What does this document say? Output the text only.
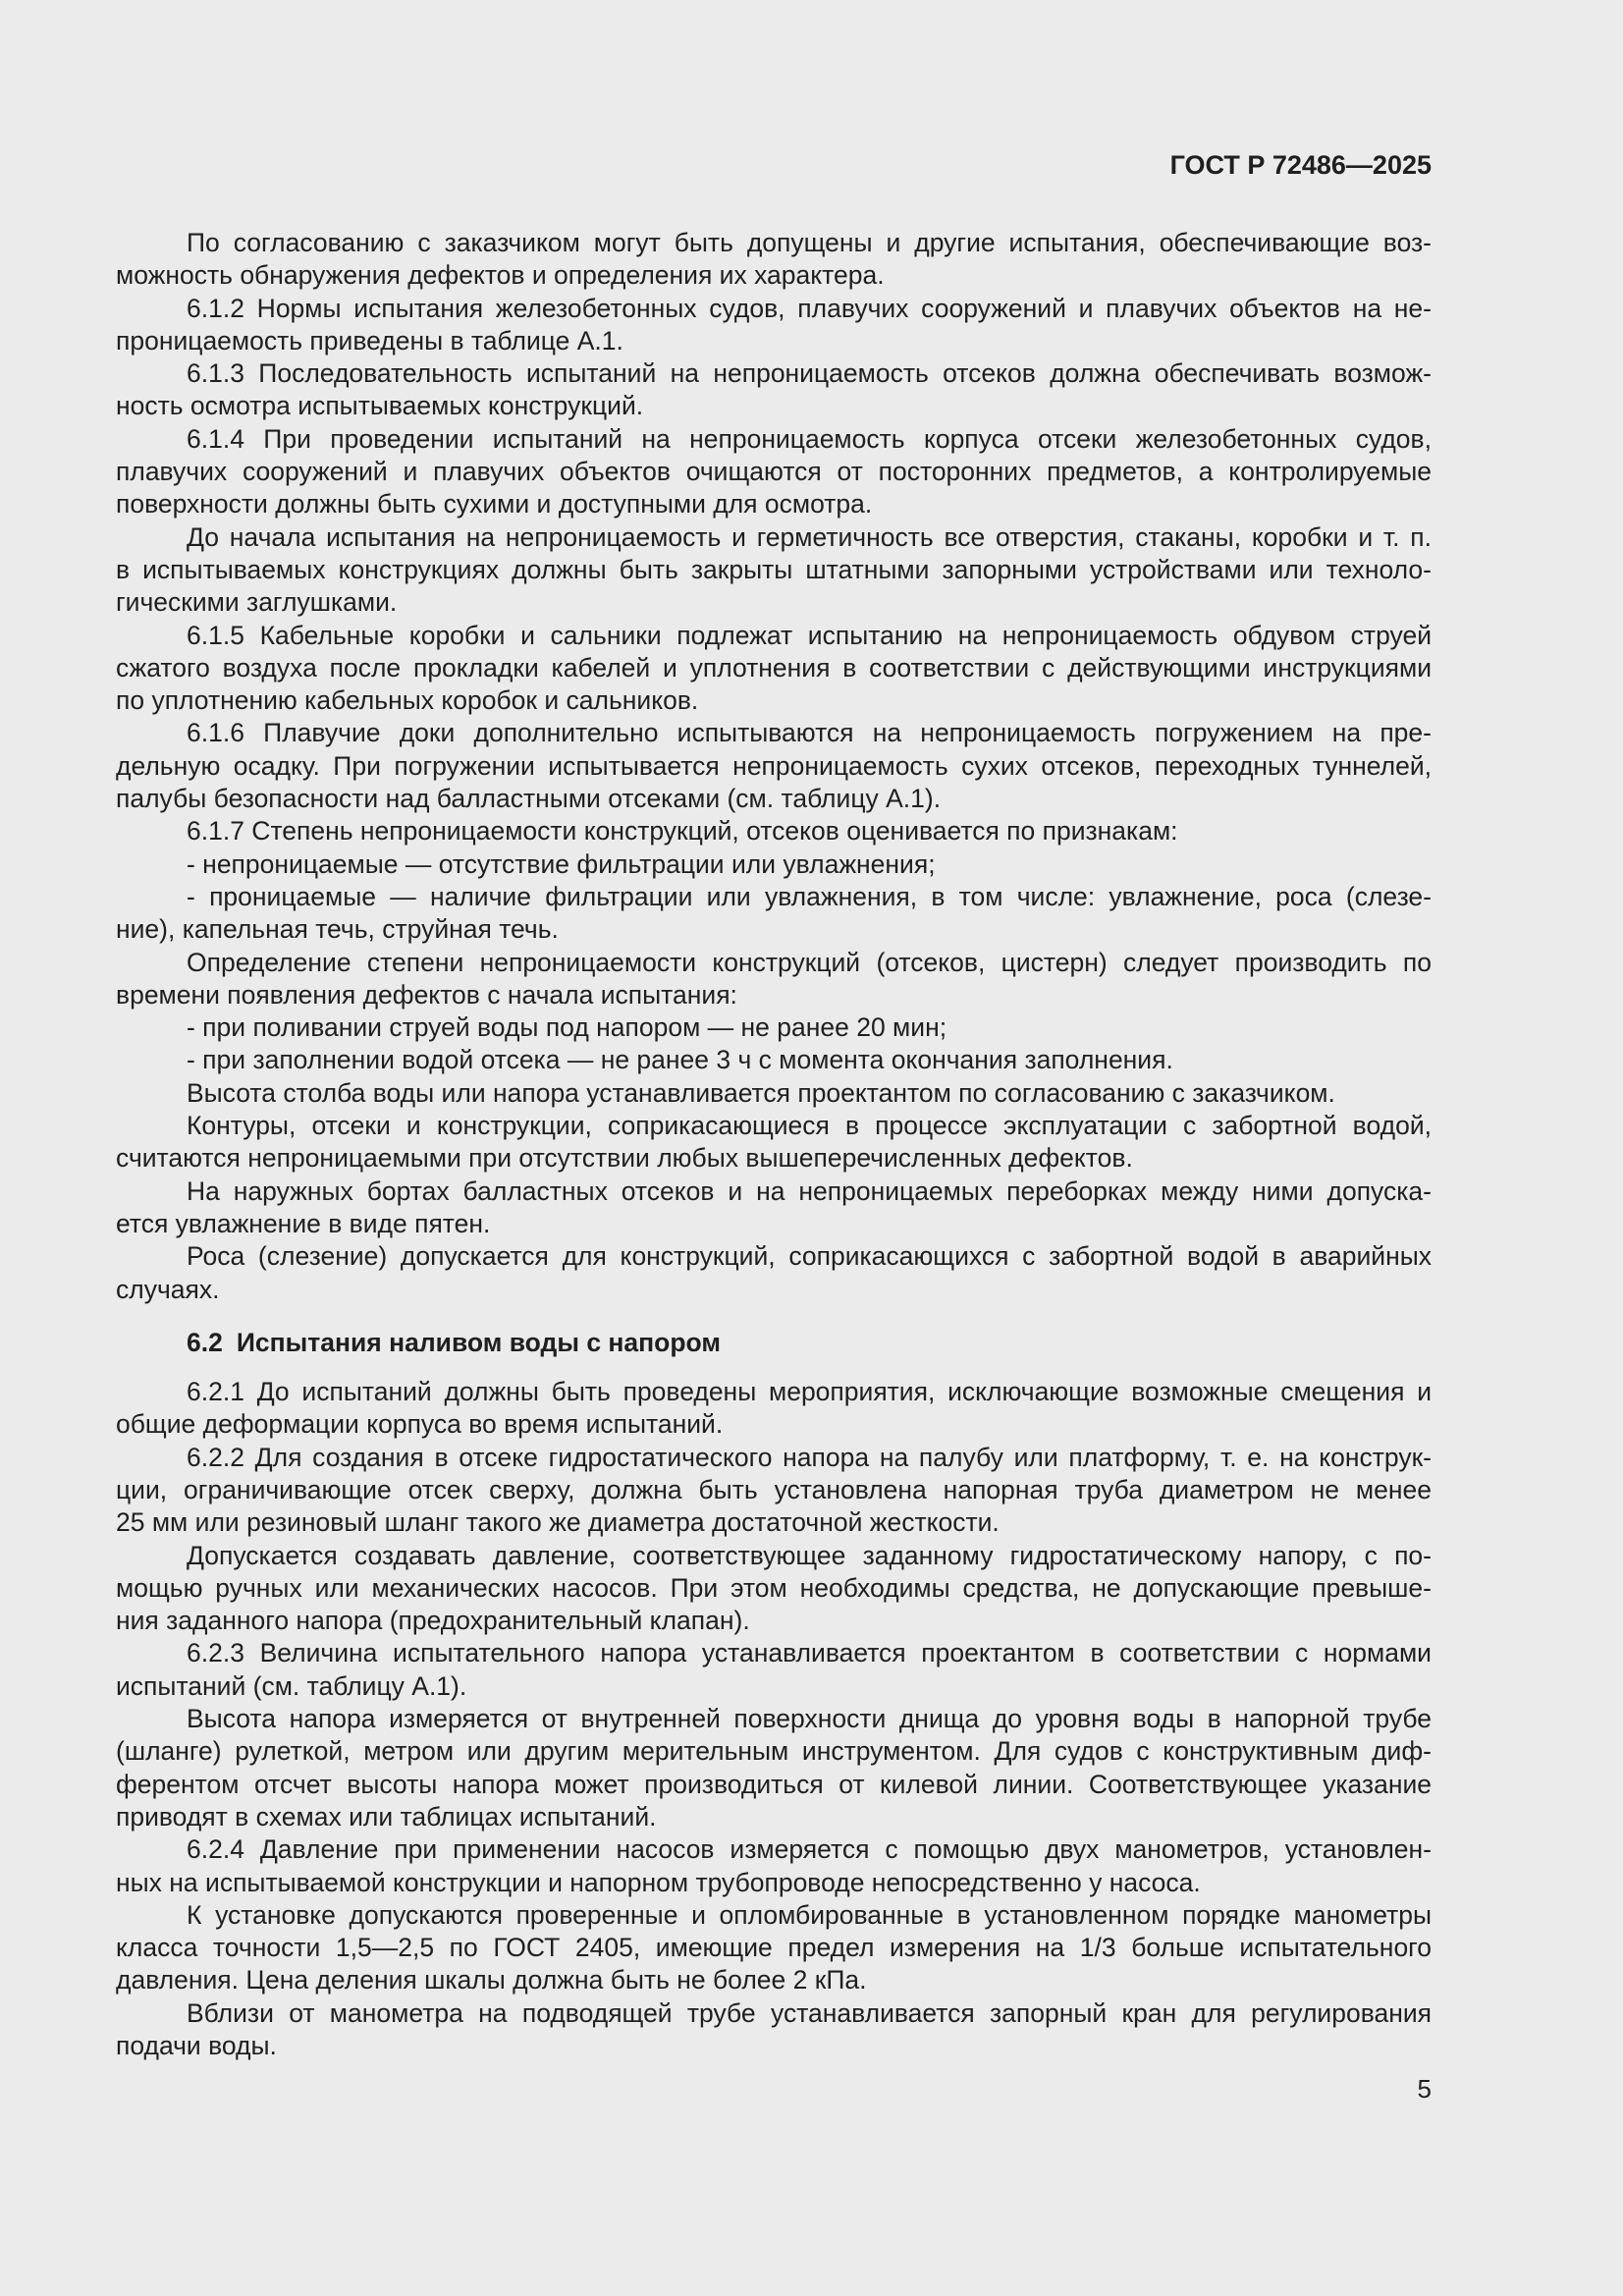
ГОСТ Р 72486—2025
По согласованию с заказчиком могут быть допущены и другие испытания, обеспечивающие воз-
можность обнаружения дефектов и определения их характера.
6.1.2 Нормы испытания железобетонных судов, плавучих сооружений и плавучих объектов на не-
проницаемость приведены в таблице А.1.
6.1.3 Последовательность испытаний на непроницаемость отсеков должна обеспечивать возмож-
ность осмотра испытываемых конструкций.
6.1.4 При проведении испытаний на непроницаемость корпуса отсеки железобетонных судов,
плавучих сооружений и плавучих объектов очищаются от посторонних предметов, а контролируемые
поверхности должны быть сухими и доступными для осмотра.
До начала испытания на непроницаемость и герметичность все отверстия, стаканы, коробки и т. п.
в испытываемых конструкциях должны быть закрыты штатными запорными устройствами или техноло-
гическими заглушками.
6.1.5 Кабельные коробки и сальники подлежат испытанию на непроницаемость обдувом струей
сжатого воздуха после прокладки кабелей и уплотнения в соответствии с действующими инструкциями
по уплотнению кабельных коробок и сальников.
6.1.6 Плавучие доки дополнительно испытываются на непроницаемость погружением на пре-
дельную осадку. При погружении испытывается непроницаемость сухих отсеков, переходных туннелей,
палубы безопасности над балластными отсеками (см. таблицу А.1).
6.1.7 Степень непроницаемости конструкций, отсеков оценивается по признакам:
- непроницаемые — отсутствие фильтрации или увлажнения;
- проницаемые — наличие фильтрации или увлажнения, в том числе: увлажнение, роса (слезе-
ние), капельная течь, струйная течь.
Определение степени непроницаемости конструкций (отсеков, цистерн) следует производить по
времени появления дефектов с начала испытания:
- при поливании струей воды под напором — не ранее 20 мин;
- при заполнении водой отсека — не ранее 3 ч с момента окончания заполнения.
Высота столба воды или напора устанавливается проектантом по согласованию с заказчиком.
Контуры, отсеки и конструкции, соприкасающиеся в процессе эксплуатации с забортной водой,
считаются непроницаемыми при отсутствии любых вышеперечисленных дефектов.
На наружных бортах балластных отсеков и на непроницаемых переборках между ними допуска-
ется увлажнение в виде пятен.
Роса (слезение) допускается для конструкций, соприкасающихся с забортной водой в аварийных
случаях.
6.2 Испытания наливом воды с напором
6.2.1 До испытаний должны быть проведены мероприятия, исключающие возможные смещения и
общие деформации корпуса во время испытаний.
6.2.2 Для создания в отсеке гидростатического напора на палубу или платформу, т. е. на конструк-
ции, ограничивающие отсек сверху, должна быть установлена напорная труба диаметром не менее
25 мм или резиновый шланг такого же диаметра достаточной жесткости.
Допускается создавать давление, соответствующее заданному гидростатическому напору, с по-
мощью ручных или механических насосов. При этом необходимы средства, не допускающие превыше-
ния заданного напора (предохранительный клапан).
6.2.3 Величина испытательного напора устанавливается проектантом в соответствии с нормами
испытаний (см. таблицу А.1).
Высота напора измеряется от внутренней поверхности днища до уровня воды в напорной трубе
(шланге) рулеткой, метром или другим мерительным инструментом. Для судов с конструктивным диф-
ферентом отсчет высоты напора может производиться от килевой линии. Соответствующее указание
приводят в схемах или таблицах испытаний.
6.2.4 Давление при применении насосов измеряется с помощью двух манометров, установлен-
ных на испытываемой конструкции и напорном трубопроводе непосредственно у насоса.
К установке допускаются проверенные и опломбированные в установленном порядке манометры
класса точности 1,5—2,5 по ГОСТ 2405, имеющие предел измерения на 1/3 больше испытательного
давления. Цена деления шкалы должна быть не более 2 кПа.
Вблизи от манометра на подводящей трубе устанавливается запорный кран для регулирования
подачи воды.
5
